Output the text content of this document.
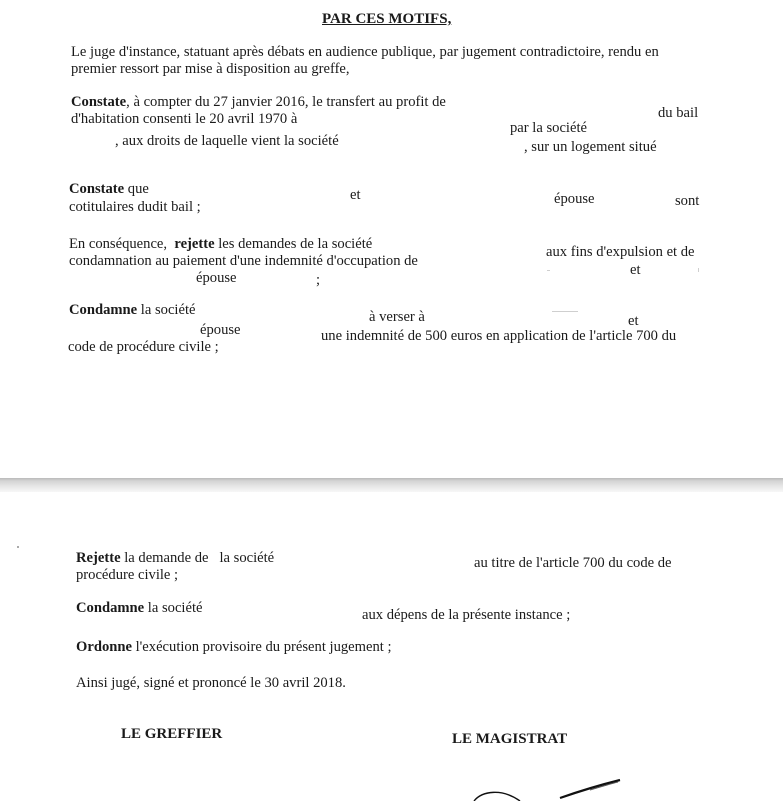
PAR CES MOTIFS,
Le juge d'instance, statuant après débats en audience publique, par jugement contradictoire, rendu en
premier ressort par mise à disposition au greffe,
Constate, à compter du 27 janvier 2016, le transfert au profit de
du bail
d'habitation consenti le 20 avril 1970 à
par la société
, aux droits de laquelle vient la société	, sur un logement situé
Constate que	et	épouse	sont
cotitulaires dudit bail ;
En conséquence, rejette les demandes de la société	aux fins d'expulsion et de
condamnation au paiement d'une indemnité d'occupation de
et
épouse	;
Condamne la société	à verser à	et
épouse	une indemnité de 500 euros en application de l'article 700 du
code de procédure civile ;
Rejette la demande de la société	au titre de l'article 700 du code de
procédure civile ;
Condamne la société	aux dépens de la présente instance ;
Ordonne l'exécution provisoire du présent jugement ;
Ainsi jugé, signé et prononcé le 30 avril 2018.
LE GREFFIER	LE MAGISTRAT
